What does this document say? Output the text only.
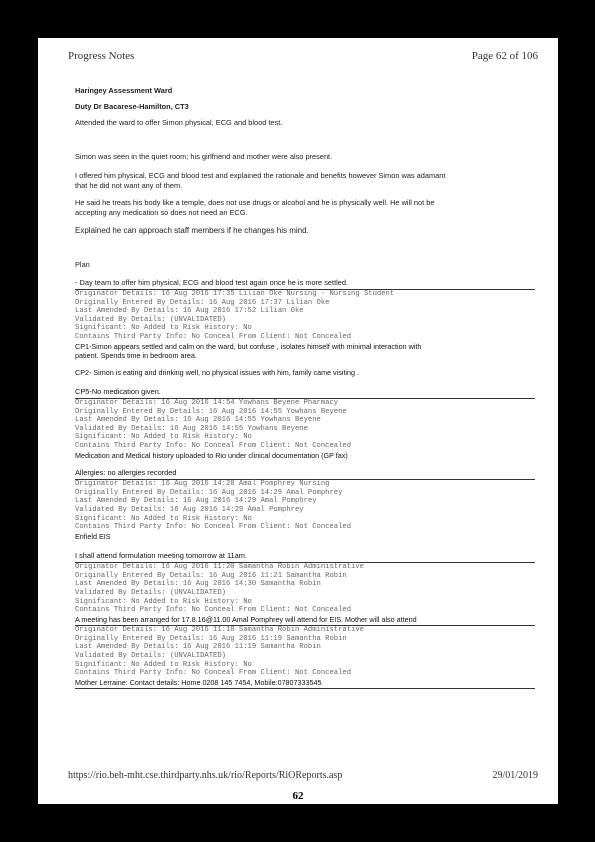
Progress Notes	Page 62 of 106

Haringey Assessment Ward

Duty Dr Bacarese-Hamilton, CT3

Attended the ward to offer Simon physical, ECG and blood test.

Simon was seen in the quiet room; his girlfriend and mother were also present.

I offered him physical, ECG and blood test and explained the rationale and benefits however Simon was adamant

that he did not want any of them.

He said he treats his body like a temple, does not use drugs or alcohol and he is physically well. He will not be

accepting any medication so does not need an ECG.

Explained he can approach staff members if he changes his mind.

Plan

- Day team to offer him physical, ECG and blood test again once he is more settled.

Originator Details: 16 Aug 2016 17:35 Lilian Oke Nursing - Nursing Student

Originally Entered By Details: 16 Aug 2016 17:37 Lilian Oke

Last Amended By Details: 16 Aug 2016 17:52 Lilian Oke

Validated By Details: (UNVALIDATED)

Significant: No Added to Risk History: No

Contains Third Party Info: No Conceal From Client: Not Concealed

CP1-Simon appears settled and calm on the ward, but confuse , isolates himself with minimal interaction with

patient. Spends time in bedroom area.

CP2- Simon is eating and drinking well, no physical issues with him, family came visiting .

CP5-No medication given.

Originator Details: 16 Aug 2016 14:54 Yowhans Beyene Pharmacy

Originally Entered By Details: 16 Aug 2016 14:55 Yowhans Beyene

Last Amended By Details: 16 Aug 2016 14:55 Yowhans Beyene

Validated By Details: 16 Aug 2016 14:55 Yowhans Beyene

Significant: No Added to Risk History: No

Contains Third Party Info: No Conceal From Client: Not Concealed

Medication and Medical history uploaded to Rio under clinical documentation (GP fax)

Allergies: no allergies recorded

Originator Details: 16 Aug 2016 14:28 Amal Pomphrey Nursing

Originally Entered By Details: 16 Aug 2016 14:29 Amal Pomphrey

Last Amended By Details: 16 Aug 2016 14:29 Amal Pomphrey

Validated By Details: 16 Aug 2016 14:29 Amal Pomphrey

Significant: No Added to Risk History: No

Contains Third Party Info: No Conceal From Client: Not Concealed

Enfield EIS

I shall attend formulation meeting tomorrow at 11am.

Originator Details: 16 Aug 2016 11:20 Samantha Robin Administrative

Originally Entered By Details: 16 Aug 2016 11:21 Samantha Robin

Last Amended By Details: 16 Aug 2016 14:30 Samantha Robin

Validated By Details: (UNVALIDATED)

Significant: No Added to Risk History: No

Contains Third Party Info: No Conceal From Client: Not Concealed

A meeting has been arranged for 17.8.16@11.00 Amal Pomphrey will attend for EIS. Mother will also attend

Originator Details: 16 Aug 2016 11:18 Samantha Robin Administrative

Originally Entered By Details: 16 Aug 2016 11:19 Samantha Robin

Last Amended By Details: 16 Aug 2016 11:19 Samantha Robin

Validated By Details: (UNVALIDATED)

Significant: No Added to Risk History: No

Contains Third Party Info: No Conceal From Client: Not Concealed

Mother Lerraine: Contact details: Home 0208 145 7454, Mobile:07807333545

https://rio.beh-mht.cse.thirdparty.nhs.uk/rio/Reports/RiOReports.asp	29/01/2019
62
